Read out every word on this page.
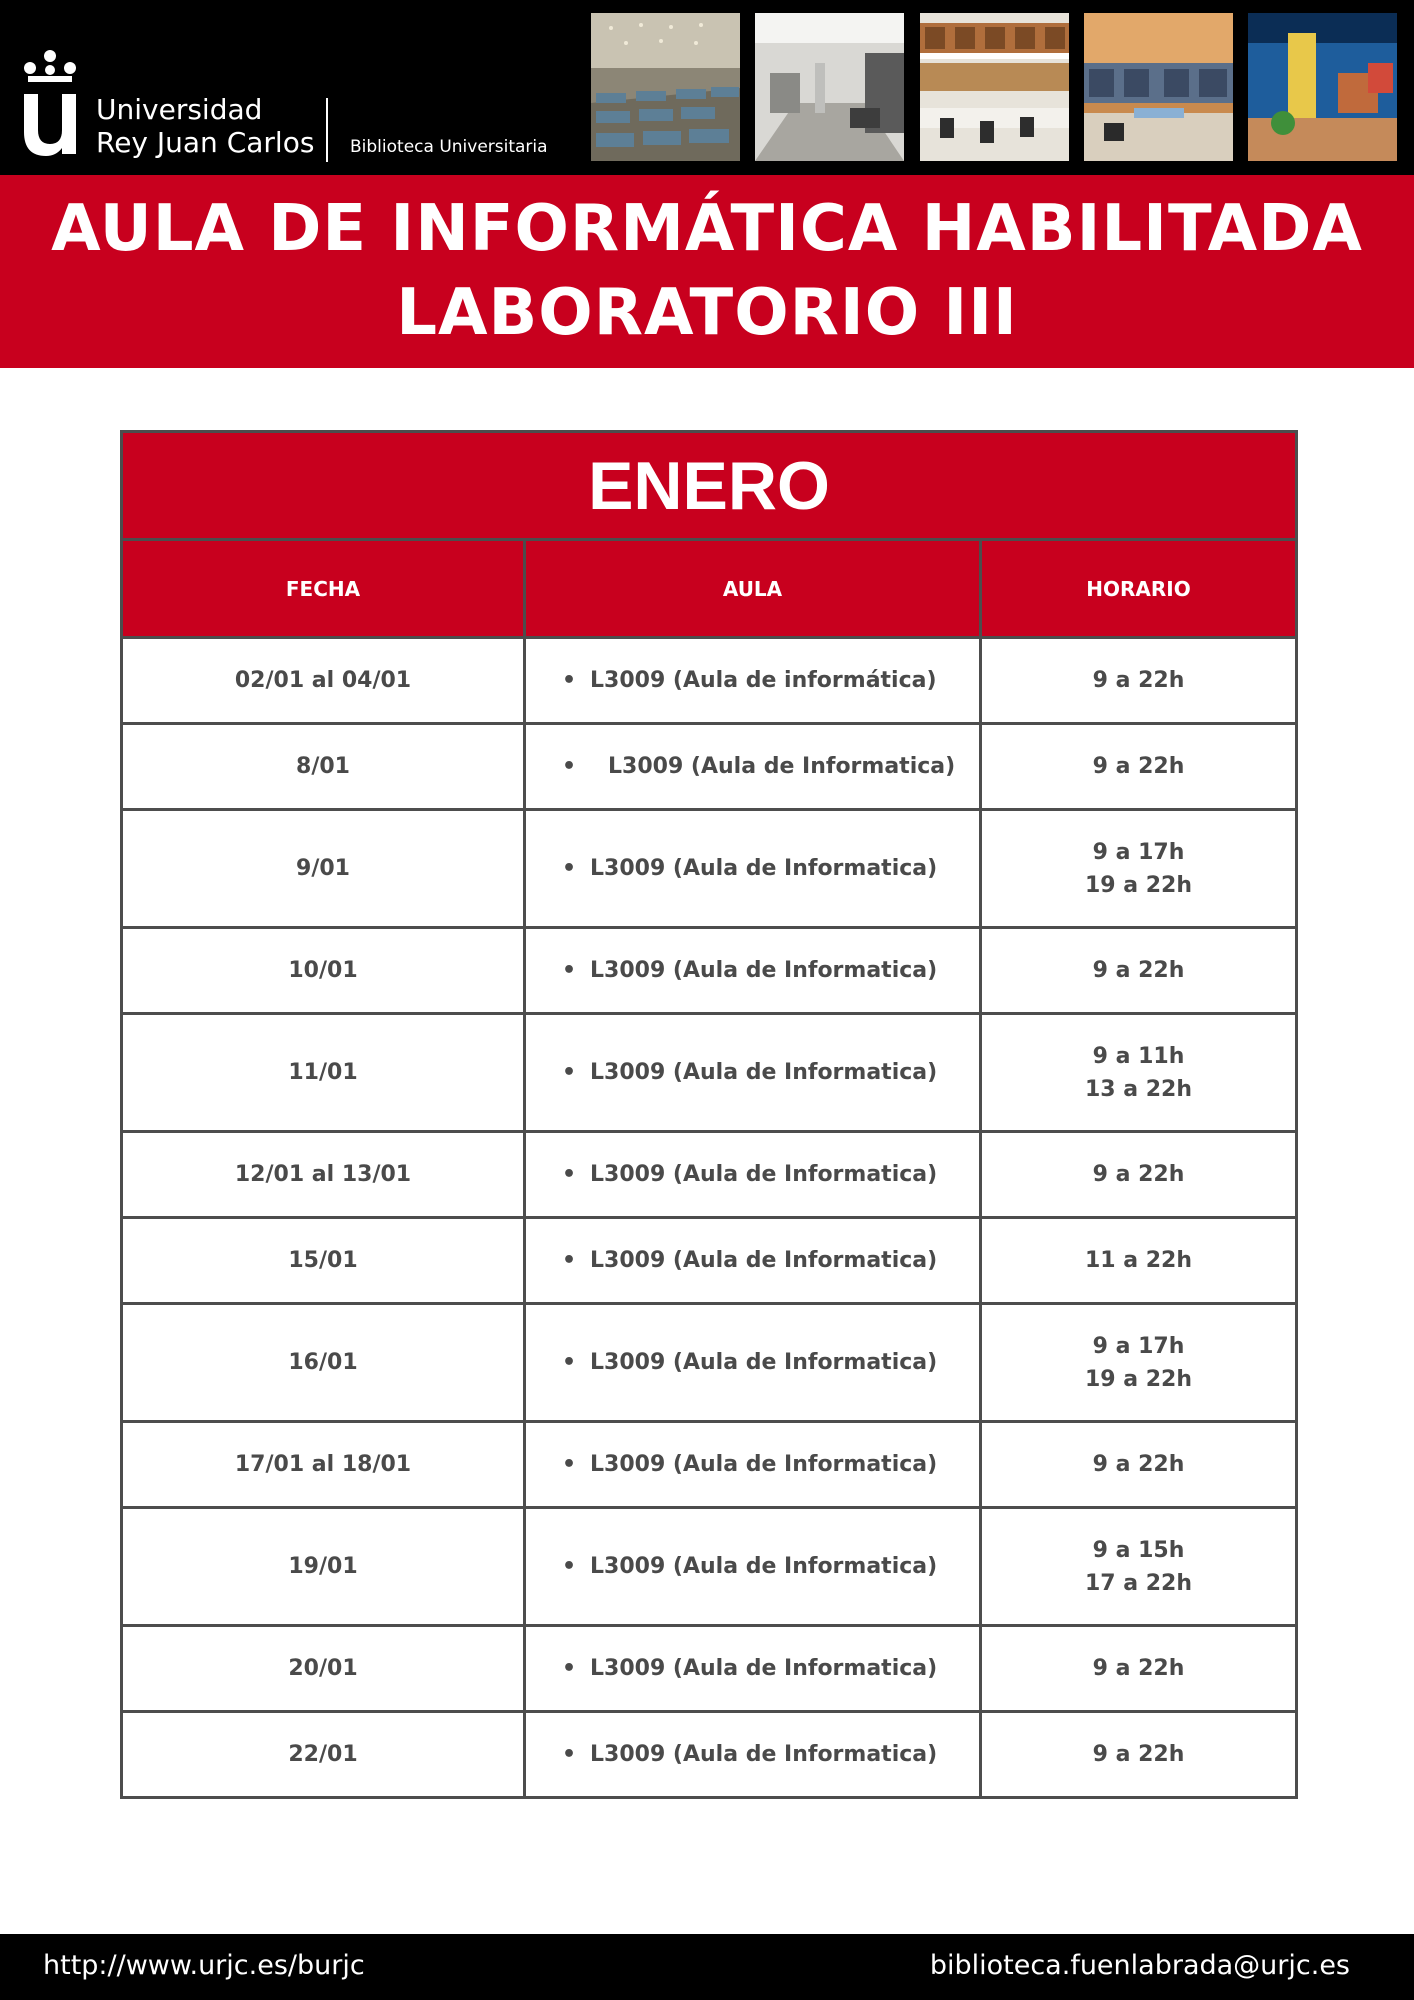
Universidad
Rey Juan Carlos Biblioteca Universitaria
AULA DE INFORMÁTICA HABILITADA
LABORATORIO III
ENERO		
FECHA	AULA	HORARIO
02/01 al 04/01	• L3009 (Aula de informática)	9 a 22h

8/01	• L3009 (Aula de Informatica)	9 a 22h

9/01	• L3009 (Aula de Informatica)	9 a 17h
19 a 22h

10/01	• L3009 (Aula de Informatica)	9 a 22h

11/01	• L3009 (Aula de Informatica)	9 a 11h
13 a 22h

12/01 al 13/01	• L3009 (Aula de Informatica)	9 a 22h

15/01	• L3009 (Aula de Informatica)	11 a 22h

16/01	• L3009 (Aula de Informatica)	9 a 17h
19 a 22h

17/01 al 18/01	• L3009 (Aula de Informatica)	9 a 22h

19/01	• L3009 (Aula de Informatica)	9 a 15h
17 a 22h

20/01	• L3009 (Aula de Informatica)	9 a 22h

22/01	• L3009 (Aula de Informatica)	9 a 22h
http://www.urjc.es/burjc	biblioteca.fuenlabrada@urjc.es
